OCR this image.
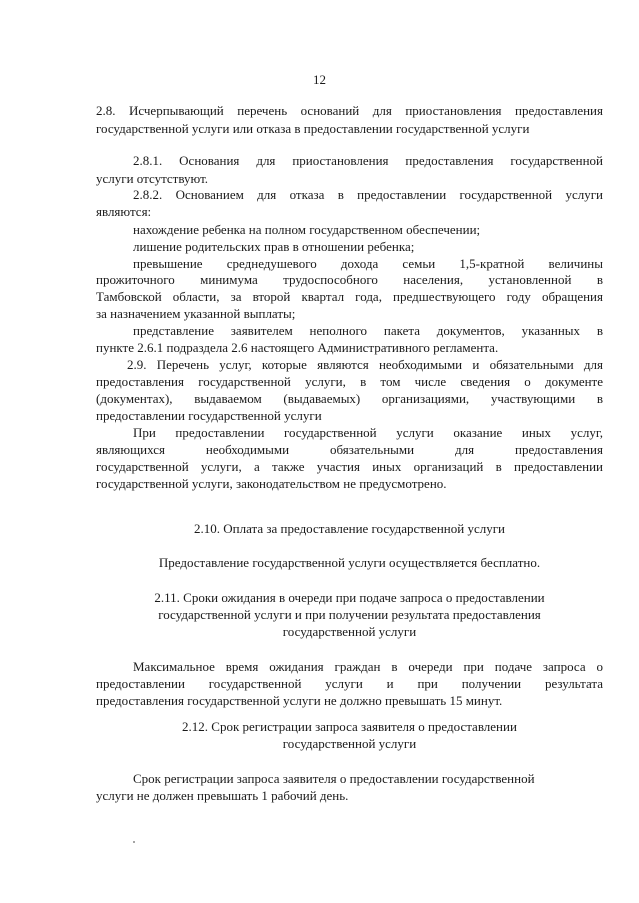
12
2.8. Исчерпывающий перечень оснований для приостановления предоставления
государственной услуги или отказа в предоставлении государственной услуги
2.8.1. Основания для приостановления предоставления государственной
услуги отсутствуют.
2.8.2. Основанием для отказа в предоставлении государственной услуги
являются:
нахождение ребенка на полном государственном обеспечении;
лишение родительских прав в отношении ребенка;
превышение среднедушевого дохода семьи 1,5-кратной величины
прожиточного минимума трудоспособного населения, установленной в
Тамбовской области, за второй квартал года, предшествующего году обращения
за назначением указанной выплаты;
представление заявителем неполного пакета документов, указанных в
пункте 2.6.1 подраздела 2.6 настоящего Административного регламента.
2.9. Перечень услуг, которые являются необходимыми и обязательными для
предоставления государственной услуги, в том числе сведения о документе
(документах), выдаваемом (выдаваемых) организациями, участвующими в
предоставлении государственной услуги
При предоставлении государственной услуги оказание иных услуг,
являющихся необходимыми обязательными для предоставления
государственной услуги, а также участия иных организаций в предоставлении
государственной услуги, законодательством не предусмотрено.
2.10. Оплата за предоставление государственной услуги
Предоставление государственной услуги осуществляется бесплатно.
2.11. Сроки ожидания в очереди при подаче запроса о предоставлении
государственной услуги и при получении результата предоставления
государственной услуги
Максимальное время ожидания граждан в очереди при подаче запроса о
предоставлении государственной услуги и при получении результата
предоставления государственной услуги не должно превышать 15 минут.
2.12. Срок регистрации запроса заявителя о предоставлении
государственной услуги
Срок регистрации запроса заявителя о предоставлении государственной
услуги не должен превышать 1 рабочий день.
